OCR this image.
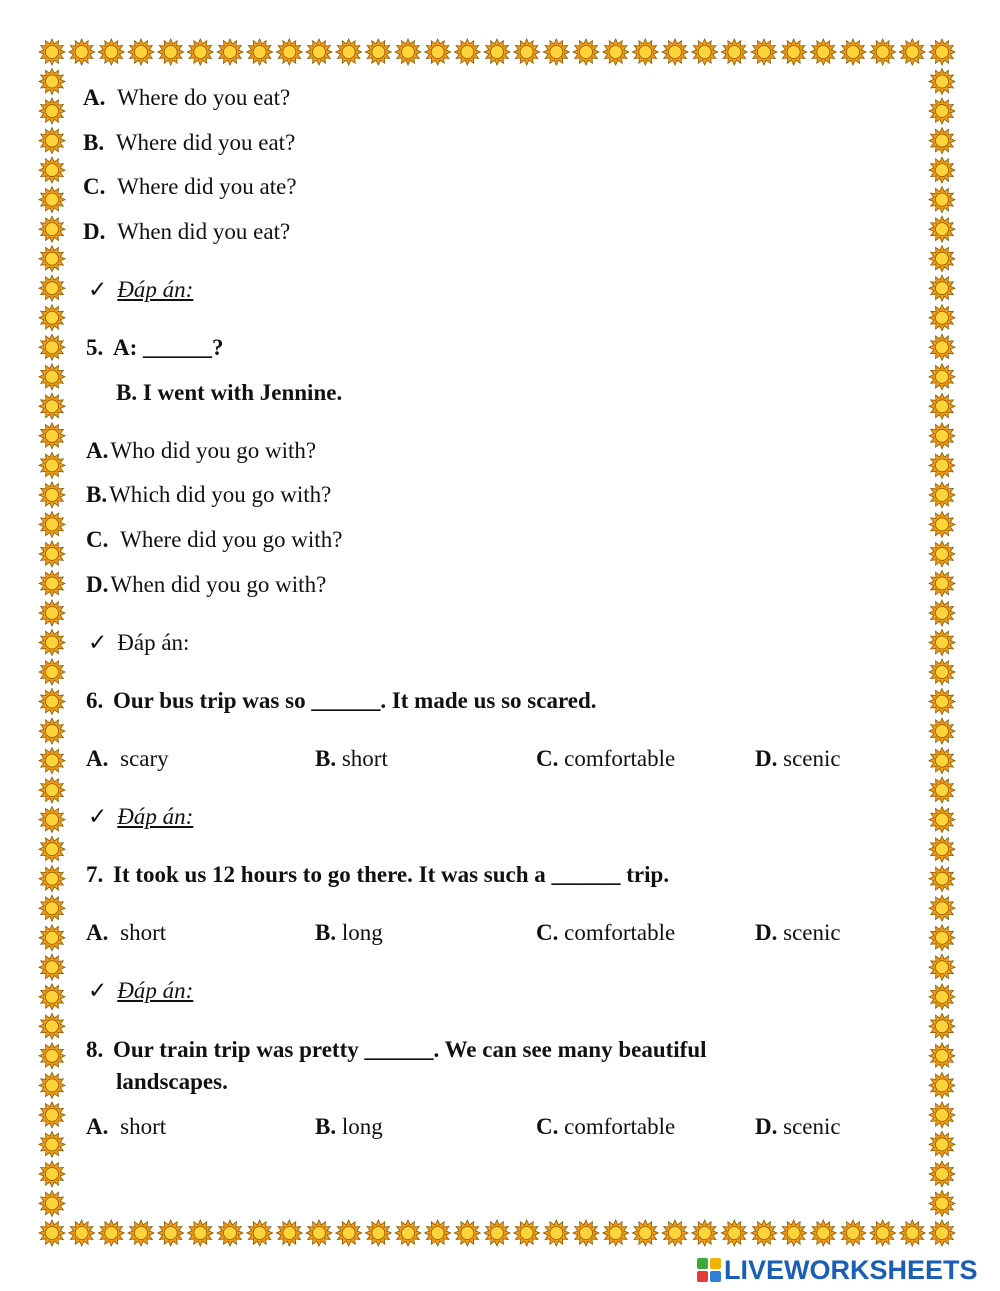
A. Where do you eat?
B. Where did you eat?
C. Where did you ate?
D. When did you eat?
✓ Đáp án:
5. A: ______?
B. I went with Jennine.
A.Who did you go with?
B.Which did you go with?
C. Where did you go with?
D.When did you go with?
✓ Đáp án:
6. Our bus trip was so ______. It made us so scared.
A. scary	B. short	C. comfortable	D. scenic
✓ Đáp án:
7. It took us 12 hours to go there. It was such a ______ trip.
A. short	B. long	C. comfortable	D. scenic
✓ Đáp án:
8. Our train trip was pretty ______. We can see many beautiful
landscapes.
A. short	B. long	C. comfortable	D. scenic
LIVEWORKSHEETS
